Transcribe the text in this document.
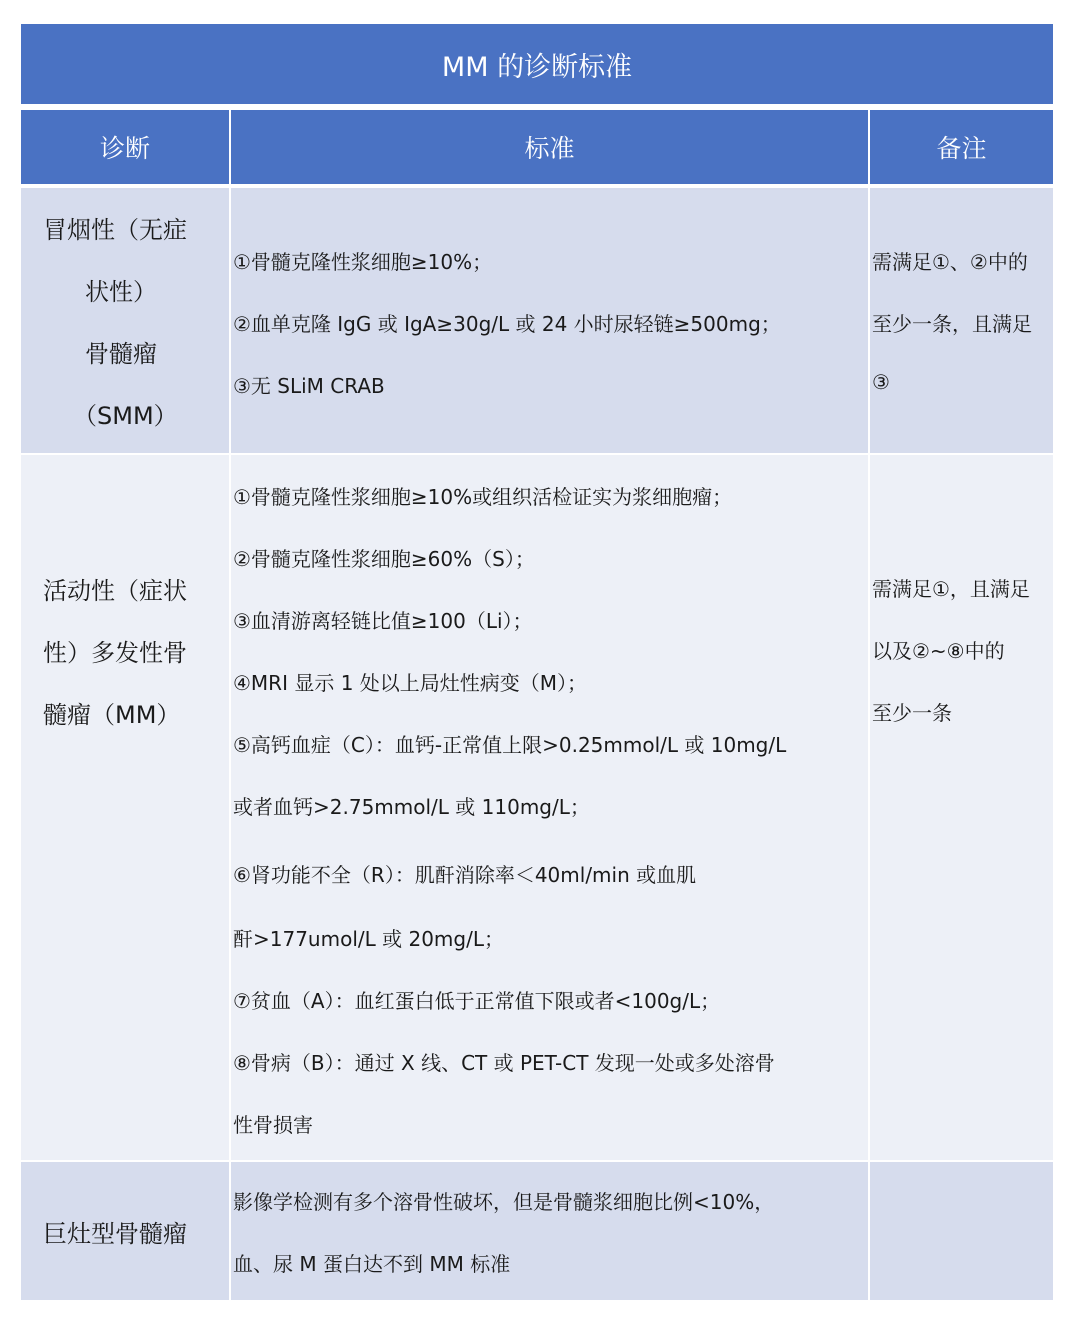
MM 的诊断标准
诊断	标准	备注
冒烟性（无症
状性）
骨髓瘤
（SMM）
①骨髓克隆性浆细胞≥10%；
②血单克隆 IgG 或 IgA≥30g/L 或 24 小时尿轻链≥500mg；
③无 SLiM CRAB
需满足①、②中的
至少一条，且满足
③
活动性（症状
性）多发性骨
髓瘤（MM）
①骨髓克隆性浆细胞≥10%或组织活检证实为浆细胞瘤；
②骨髓克隆性浆细胞≥60%（S）；
③血清游离轻链比值≥100（Li）；
④MRI 显示 1 处以上局灶性病变（M）；
⑤高钙血症（C）：血钙-正常值上限>0.25mmol/L 或 10mg/L
或者血钙>2.75mmol/L 或 110mg/L；
⑥肾功能不全（R）：肌酐消除率＜40ml/min 或血肌
酐>177umol/L 或 20mg/L；
⑦贫血（A）：血红蛋白低于正常值下限或者<100g/L；
⑧骨病（B）：通过 X 线、CT 或 PET-CT 发现一处或多处溶骨
性骨损害
需满足①，且满足
以及②~⑧中的
至少一条
巨灶型骨髓瘤
影像学检测有多个溶骨性破坏，但是骨髓浆细胞比例<10%，
血、尿 M 蛋白达不到 MM 标准
